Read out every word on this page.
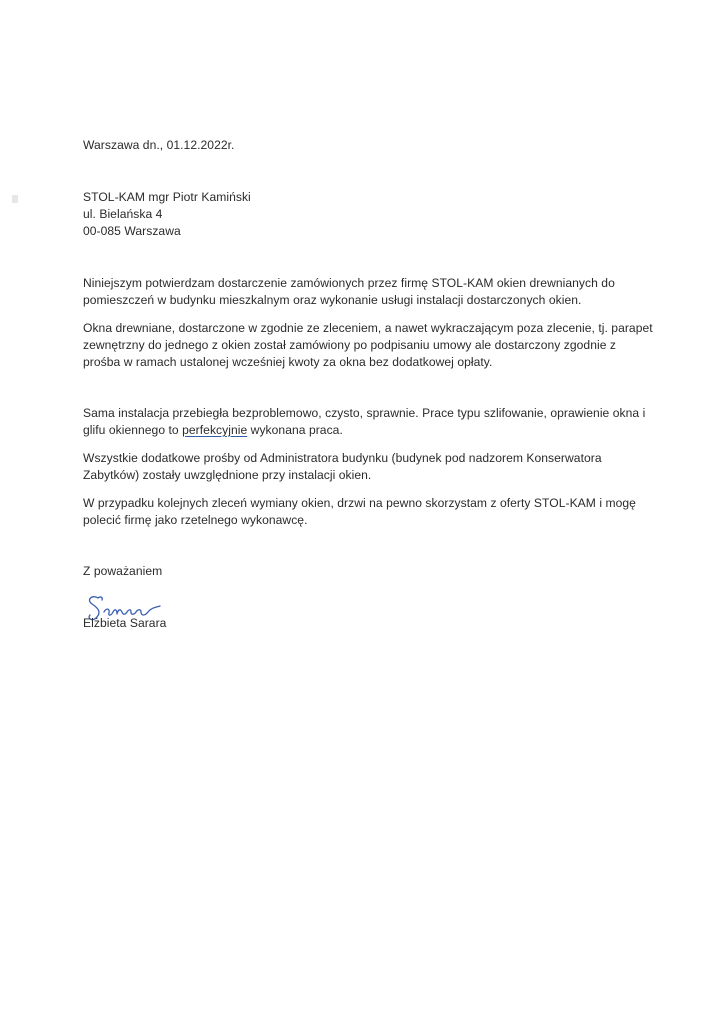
Warszawa dn., 01.12.2022r.
STOL-KAM mgr Piotr Kamiński
ul. Bielańska 4
00-085 Warszawa
Niniejszym potwierdzam dostarczenie zamówionych przez firmę STOL-KAM okien drewnianych do
pomieszczeń w budynku mieszkalnym oraz wykonanie usługi instalacji dostarczonych okien.
Okna drewniane, dostarczone w zgodnie ze zleceniem, a nawet wykraczającym poza zlecenie, tj. parapet
zewnętrzny do jednego z okien został zamówiony po podpisaniu umowy ale dostarczony zgodnie z
prośba w ramach ustalonej wcześniej kwoty za okna bez dodatkowej opłaty.
Sama instalacja przebiegła bezproblemowo, czysto, sprawnie. Prace typu szlifowanie, oprawienie okna i
glifu okiennego to perfekcyjnie wykonana praca.
Wszystkie dodatkowe prośby od Administratora budynku (budynek pod nadzorem Konserwatora
Zabytków) zostały uwzględnione przy instalacji okien.
W przypadku kolejnych zleceń wymiany okien, drzwi na pewno skorzystam z oferty STOL-KAM i mogę
polecić firmę jako rzetelnego wykonawcę.
Z poważaniem
Elżbieta Sarara
